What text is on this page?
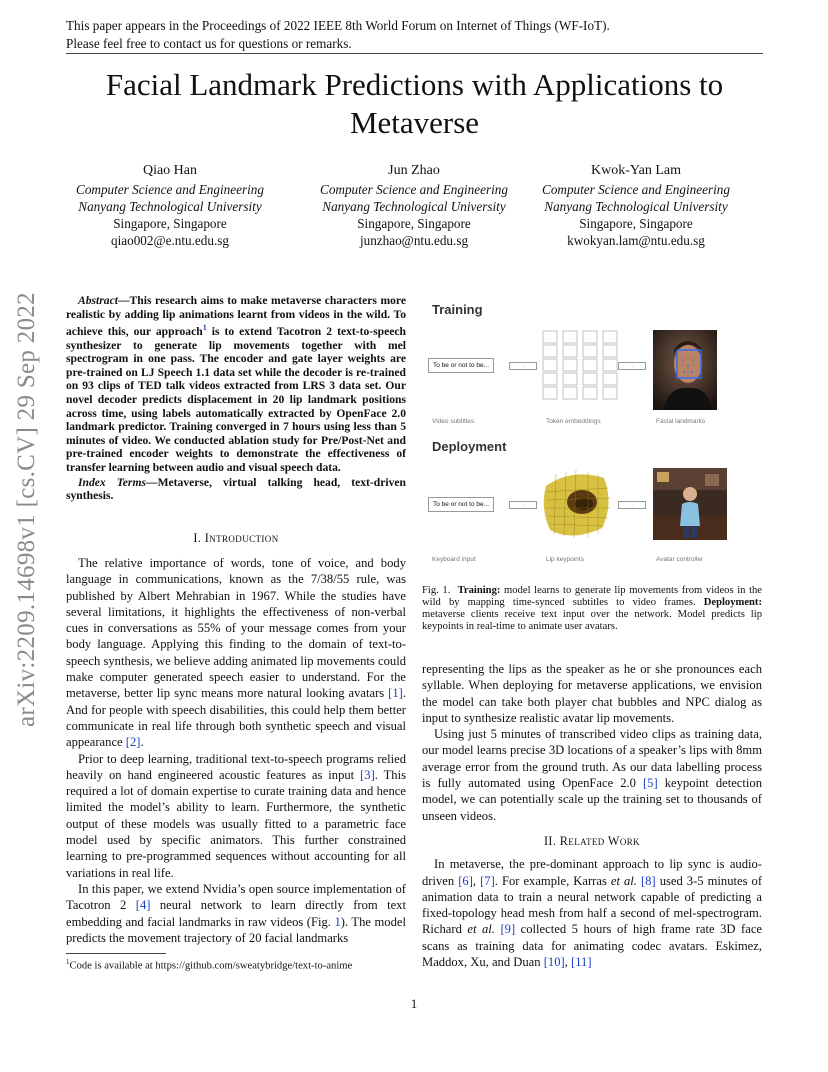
This paper appears in the Proceedings of 2022 IEEE 8th World Forum on Internet of Things (WF-IoT).
Please feel free to contact us for questions or remarks.
Facial Landmark Predictions with Applications to
Metaverse
Qiao Han
Computer Science and Engineering
Nanyang Technological University
Singapore, Singapore
qiao002@e.ntu.edu.sg
Jun Zhao
Computer Science and Engineering
Nanyang Technological University
Singapore, Singapore
junzhao@ntu.edu.sg
Kwok-Yan Lam
Computer Science and Engineering
Nanyang Technological University
Singapore, Singapore
kwokyan.lam@ntu.edu.sg
arXiv:2209.14698v1 [cs.CV] 29 Sep 2022	Abstract—This research aims to make metaverse characters more realistic by adding lip animations learnt from videos in the wild. To achieve this, our approach$^1$ is to extend Tacotron 2 text-to-speech synthesizer to generate lip movements together with mel spectrogram in one pass. The encoder and gate layer weights are pre-trained on LJ Speech 1.1 data set while the decoder is re-trained on 93 clips of TED talk videos extracted from LRS 3 data set. Our novel decoder predicts displacement in 20 lip landmark positions across time, using labels automatically extracted by OpenFace 2.0 landmark predictor. Training converged in 7 hours using less than 5 minutes of video. We conducted ablation study for Pre/Post-Net and pre-trained encoder weights to demonstrate the effectiveness of transfer learning between audio and visual speech data.

Index Terms—Metaverse, virtual talking head, text-driven synthesis.

I. Introduction

The relative importance of words, tone of voice, and body language in communications, known as the 7/38/55 rule, was published by Albert Mehrabian in 1967. While the studies have several limitations, it highlights the effectiveness of non-verbal cues in conversations as 55% of your message comes from your body language. Applying this finding to the domain of text-to-speech synthesis, we believe adding animated lip movements could make computer generated speech easier to understand. For the metaverse, better lip sync means more natural looking avatars [1]. And for people with speech disabilities, this could help them better communicate in real life through both synthetic speech and visual appearance [2].

Prior to deep learning, traditional text-to-speech programs relied heavily on hand engineered acoustic features as input [3]. This required a lot of domain expertise to curate training data and hence limited the model’s ability to learn. Furthermore, the synthetic output of these models was usually fitted to a parametric face model used by specific animators. This further constrained learning to pre-programmed sequences without accounting for all variations in real life.

In this paper, we extend Nvidia’s open source implementation of Tacotron 2 [4] neural network to learn directly from text embedding and facial landmarks in raw videos (Fig. 1). The model predicts the movement trajectory of 20 facial landmarks

$^1$Code is available at https://github.com/sweatybridge/text-to-anime
Training
To be or not to be...	→	→
Video subtitles	Token embeddings	Facial landmarks
Deployment
To be or not to be...	→	→
Keyboard input	Lip keypoints	Avatar controller
Fig. 1. Training: model learns to generate lip movements from videos in the wild by mapping time-synced subtitles to video frames. Deployment: metaverse clients receive text input over the network. Model predicts lip keypoints in real-time to animate user avatars.

representing the lips as the speaker as he or she pronounces each syllable. When deploying for metaverse applications, we envision the model can take both player chat bubbles and NPC dialog as input to synthesize realistic avatar lip movements.

Using just 5 minutes of transcribed video clips as training data, our model learns precise 3D locations of a speaker’s lips with 8mm average error from the ground truth. As our data labelling process is fully automated using OpenFace 2.0 [5] keypoint detection model, we can potentially scale up the training set to thousands of unseen videos.

II. Related Work

In metaverse, the pre-dominant approach to lip sync is audio-driven [6], [7]. For example, Karras et al. [8] used 3-5 minutes of animation data to train a neural network capable of predicting a fixed-topology head mesh from half a second of mel-spectrogram. Richard et al. [9] collected 5 hours of high frame rate 3D face scans as training data for animating codec avatars. Eskimez, Maddox, Xu, and Duan [10], [11]

1
